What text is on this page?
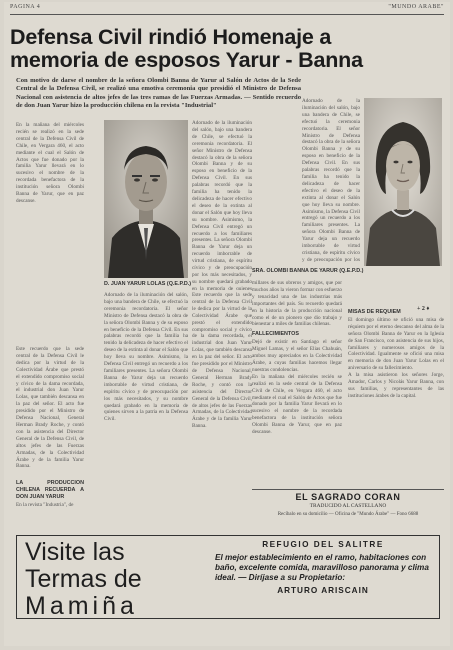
PAGINA 4	"MUNDO ARABE"
Defensa Civil rindió Homenaje a
memoria de esposos Yarur - Banna
Con motivo de darse el nombre de la señora Olombi Banna de Yarur al Salón de Actos de la Sede Central de la Defensa Civil, se realizó una emotiva ceremonia que presidió el Ministro de Defensa Nacional con asistencia de altos jefes de las tres ramas de las Fuerzas Armadas. — Sentido recuerdo de don Juan Yarur hizo la producción chilena en la revista "Industrial"
En la mañana del miércoles recién se realizó en la sede central de la Defensa Civil de Chile, en Vergara 460, el acto mediante el cual el Salón de Actos que fue donado por la familia Yarur llevará en lo sucesivo el nombre de la recordada benefactora de la institución señora Olombi Banna de Yarur, que en paz descanse.
Este recuerdo que la sede central de la Defensa Civil le dedica por la virtud de la Colectividad Árabe que prestó el extendido compromiso social y cívico de la dama recordada, el industrial don Juan Yarur Lolas, que también descansa en la paz del señor. El acto fue presidido por el Ministro de Defensa Nacional, General Herman Brady Roche, y contó con la asistencia del Director General de la Defensa Civil, de altos jefes de las Fuerzas Armadas, de la Colectividad Árabe y de la familia Yarur Banna.
LA PRODUCCION CHILENA RECUERDA A DON JUAN YARUR
En la revista "Industria", de
D. JUAN YARUR LOLAS (Q.E.P.D.)
Adornado de la iluminación del salón, bajo una bandera de Chile, se efectuó la ceremonia recordatoria. El señor Ministro de Defensa destacó la obra de la señora Olombi Banna y de su esposo en beneficio de la Defensa Civil. En sus palabras recordó que la familia ha tenido la delicadeza de hacer efectivo el deseo de la extinta al donar el Salón que hoy lleva su nombre. Asimismo, la Defensa Civil entregó un recuerdo a los familiares presentes. La señora Olombi Banna de Yarur deja un recuerdo imborrable de virtud cristiana, de espíritu cívico y de preocupación por los más necesitados, y su nombre quedará grabado en la memoria de quienes sirven a la patria en la Defensa Civil.
Adornado de la iluminación del salón, bajo una bandera de Chile, se efectuó la ceremonia recordatoria. El señor Ministro de Defensa destacó la obra de la señora Olombi Banna y de su esposo en beneficio de la Defensa Civil. En sus palabras recordó que la familia ha tenido la delicadeza de hacer efectivo el deseo de la extinta al donar el Salón que hoy lleva su nombre. Asimismo, la Defensa Civil entregó un recuerdo a los familiares presentes. La señora Olombi Banna de Yarur deja un recuerdo imborrable de virtud cristiana, de espíritu cívico y de preocupación por los más necesitados, y su nombre quedará grabado en la memoria de quienes
Este recuerdo que la sede central de la Defensa Civil le dedica por la virtud de la Colectividad Árabe que prestó el extendido compromiso social y cívico de la dama recordada, el industrial don Juan Yarur Lolas, que también descansa en la paz del señor. El acto fue presidido por el Ministro de Defensa Nacional, General Herman Brady Roche, y contó con la asistencia del Director General de la Defensa Civil, de altos jefes de las Fuerzas Armadas, de la Colectividad Árabe y de la familia Yarur Banna.
SRA. OLOMBI BANNA DE YARUR (Q.E.P.D.)
Adornado de la iluminación del salón, bajo una bandera de Chile, se efectuó la ceremonia recordatoria. El señor Ministro de Defensa destacó la obra de la señora Olombi Banna y de su esposo en beneficio de la Defensa Civil. En sus palabras recordó que la familia ha tenido la delicadeza de hacer efectivo el deseo de la extinta al donar el Salón que hoy lleva su nombre. Asimismo, la Defensa Civil entregó un recuerdo a los familiares presentes. La señora Olombi Banna de Yarur deja un recuerdo imborrable de virtud cristiana, de espíritu cívico y de preocupación por los
millares de sus obreros y amigos, que por muchos años la vieron formar con esfuerzo y tenacidad una de las industrias más importantes del país. Su recuerdo quedará en la historia de la producción nacional como el de un pionero que dio trabajo y bienestar a miles de familias chilenas.
FALLECIMIENTOS
Dejó de existir en Santiago el señor Miguel Lamas, y el señor Elias Chahuán, ambos muy apreciados en la Colectividad Árabe, a cuyas familias hacemos llegar nuestras condolencias.
En la mañana del miércoles recién se realizó en la sede central de la Defensa Civil de Chile, en Vergara 460, el acto mediante el cual el Salón de Actos que fue donado por la familia Yarur llevará en lo sucesivo el nombre de la recordada benefactora de la institución señora Olombi Banna de Yarur, que en paz descanse.
+ 2 ♦
MISAS DE REQUIEM
El domingo último se ofició una misa de réquiem por el eterno descanso del alma de la señora Olombi Banna de Yarur en la Iglesia de San Francisco, con asistencia de sus hijos, familiares y numerosos amigos de la Colectividad. Igualmente se ofició una misa en memoria de don Juan Yarur Lolas en el aniversario de su fallecimiento.
A la misa asistieron los señores Jorge, Amador, Carlos y Nicolás Yarur Banna, con sus familias, y representantes de las instituciones árabes de la capital.
EL SAGRADO CORAN
TRADUCIDO AL CASTELLANO
Recíbalo en su domicilio — Oficina de "Mundo Árabe" — Fono 6688
Visite las
Termas de
Mamiña
REFUGIO DEL SALITRE
El mejor establecimiento en el ramo, habitaciones con baño, excelente comida, maravilloso panorama y clima ideal. — Diríjase a su Propietario:
ARTURO ARISCAIN
